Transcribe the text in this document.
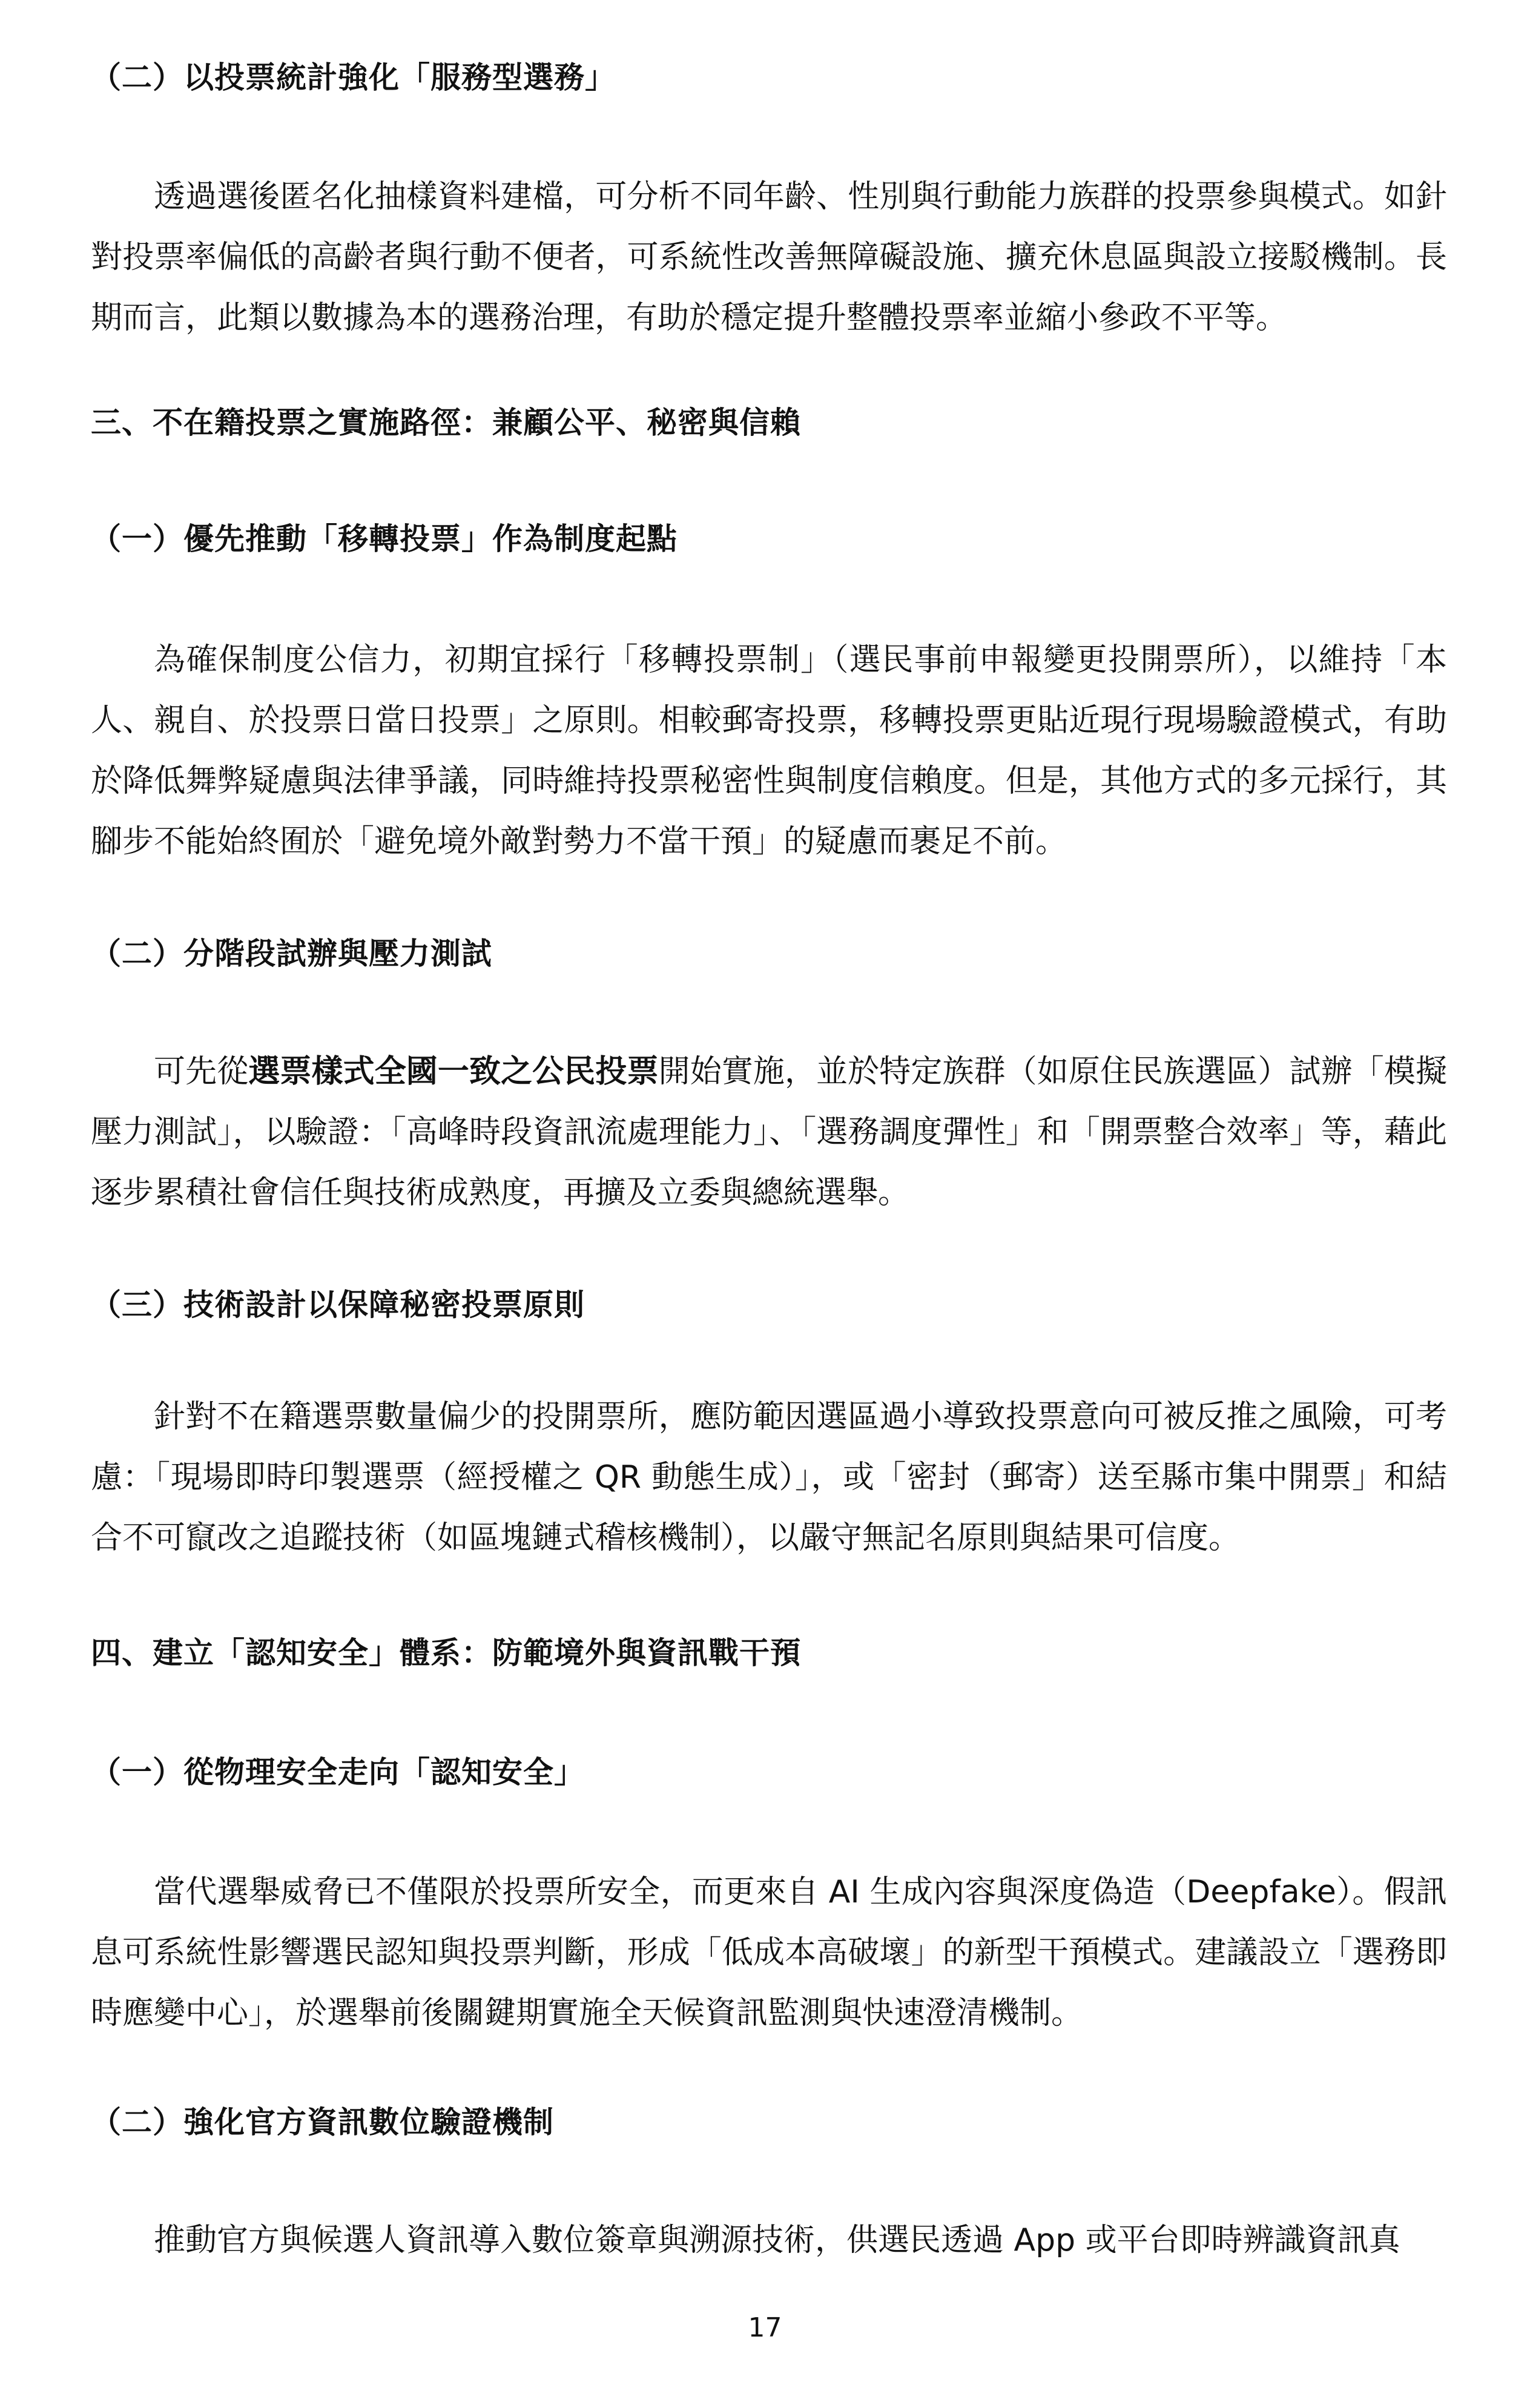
（二）以投票統計強化「服務型選務」

透過選後匿名化抽樣資料建檔，可分析不同年齡、性別與行動能力族群的投票參與模式。如針對投票率偏低的高齡者與行動不便者，可系統性改善無障礙設施、擴充休息區與設立接駁機制。長期而言，此類以數據為本的選務治理，有助於穩定提升整體投票率並縮小參政不平等。

三、不在籍投票之實施路徑：兼顧公平、秘密與信賴
（一）優先推動「移轉投票」作為制度起點

為確保制度公信力，初期宜採行「移轉投票制」（選民事前申報變更投開票所），以維持「本人、親自、於投票日當日投票」之原則。相較郵寄投票，移轉投票更貼近現行現場驗證模式，有助於降低舞弊疑慮與法律爭議，同時維持投票秘密性與制度信賴度。但是，其他方式的多元採行，其腳步不能始終囿於「避免境外敵對勢力不當干預」的疑慮而裹足不前。

（二）分階段試辦與壓力測試

可先從選票樣式全國一致之公民投票開始實施，並於特定族群（如原住民族選區）試辦「模擬壓力測試」，以驗證：「高峰時段資訊流處理能力」、「選務調度彈性」和「開票整合效率」等，藉此逐步累積社會信任與技術成熟度，再擴及立委與總統選舉。

（三）技術設計以保障秘密投票原則

針對不在籍選票數量偏少的投開票所，應防範因選區過小導致投票意向可被反推之風險，可考慮：「現場即時印製選票（經授權之 QR 動態生成）」，或「密封（郵寄）送至縣市集中開票」和結合不可竄改之追蹤技術（如區塊鏈式稽核機制），以嚴守無記名原則與結果可信度。

四、建立「認知安全」體系：防範境外與資訊戰干預
（一）從物理安全走向「認知安全」

當代選舉威脅已不僅限於投票所安全，而更來自 AI 生成內容與深度偽造（Deepfake）。假訊息可系統性影響選民認知與投票判斷，形成「低成本高破壞」的新型干預模式。建議設立「選務即時應變中心」，於選舉前後關鍵期實施全天候資訊監測與快速澄清機制。

（二）強化官方資訊數位驗證機制

推動官方與候選人資訊導入數位簽章與溯源技術，供選民透過 App 或平台即時辨識資訊真

17
